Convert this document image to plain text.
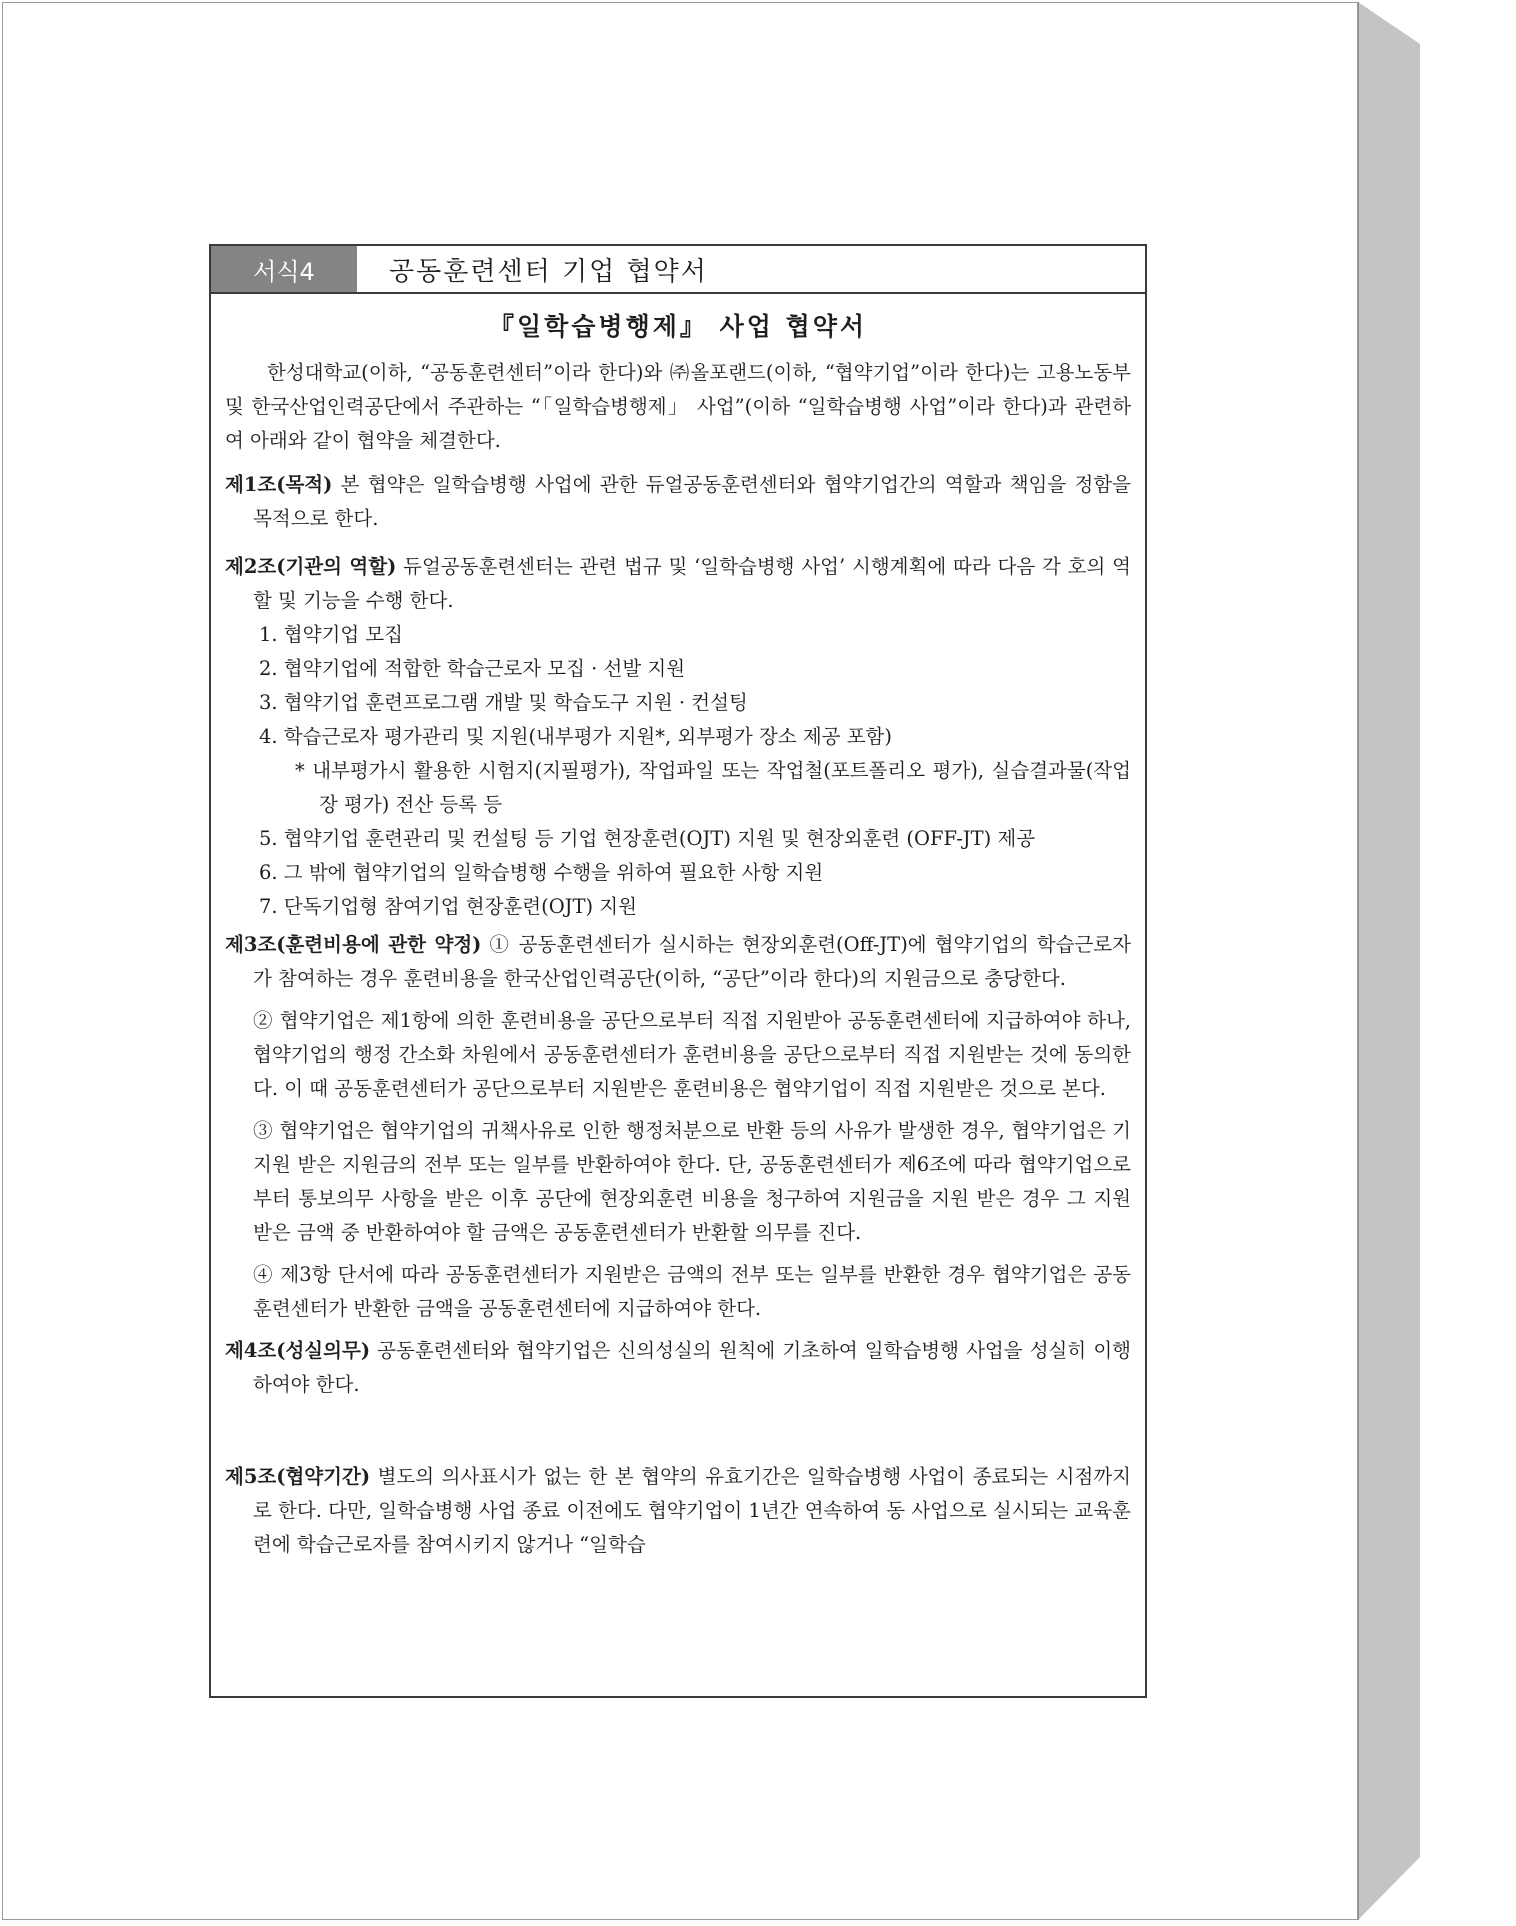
서식4	공동훈련센터 기업 협약서
『일학습병행제』 사업 협약서

한성대학교(이하, “공동훈련센터”이라 한다)와 ㈜올포랜드(이하, “협약기업”이라 한다)는 고용노동부 및 한국산업인력공단에서 주관하는 “「일학습병행제」 사업”(이하 “일학습병행 사업”이라 한다)과 관련하여 아래와 같이 협약을 체결한다.

제1조(목적) 본 협약은 일학습병행 사업에 관한 듀얼공동훈련센터와 협약기업간의 역할과 책임을 정함을 목적으로 한다.

제2조(기관의 역할) 듀얼공동훈련센터는 관련 법규 및 ‘일학습병행 사업’ 시행계획에 따라 다음 각 호의 역할 및 기능을 수행 한다.

1. 협약기업 모집

2. 협약기업에 적합한 학습근로자 모집 · 선발 지원

3. 협약기업 훈련프로그램 개발 및 학습도구 지원 · 컨설팅

4. 학습근로자 평가관리 및 지원(내부평가 지원*, 외부평가 장소 제공 포함)

* 내부평가시 활용한 시험지(지필평가), 작업파일 또는 작업철(포트폴리오 평가), 실습결과물(작업장 평가) 전산 등록 등

5. 협약기업 훈련관리 및 컨설팅 등 기업 현장훈련(OJT) 지원 및 현장외훈련 (OFF-JT) 제공

6. 그 밖에 협약기업의 일학습병행 수행을 위하여 필요한 사항 지원

7. 단독기업형 참여기업 현장훈련(OJT) 지원

제3조(훈련비용에 관한 약정) ① 공동훈련센터가 실시하는 현장외훈련(Off-JT)에 협약기업의 학습근로자가 참여하는 경우 훈련비용을 한국산업인력공단(이하, “공단”이라 한다)의 지원금으로 충당한다.

② 협약기업은 제1항에 의한 훈련비용을 공단으로부터 직접 지원받아 공동훈련센터에 지급하여야 하나, 협약기업의 행정 간소화 차원에서 공동훈련센터가 훈련비용을 공단으로부터 직접 지원받는 것에 동의한다. 이 때 공동훈련센터가 공단으로부터 지원받은 훈련비용은 협약기업이 직접 지원받은 것으로 본다.

③ 협약기업은 협약기업의 귀책사유로 인한 행정처분으로 반환 등의 사유가 발생한 경우, 협약기업은 기지원 받은 지원금의 전부 또는 일부를 반환하여야 한다. 단, 공동훈련센터가 제6조에 따라 협약기업으로부터 통보의무 사항을 받은 이후 공단에 현장외훈련 비용을 청구하여 지원금을 지원 받은 경우 그 지원 받은 금액 중 반환하여야 할 금액은 공동훈련센터가 반환할 의무를 진다.

④ 제3항 단서에 따라 공동훈련센터가 지원받은 금액의 전부 또는 일부를 반환한 경우 협약기업은 공동훈련센터가 반환한 금액을 공동훈련센터에 지급하여야 한다.

제4조(성실의무) 공동훈련센터와 협약기업은 신의성실의 원칙에 기초하여 일학습병행 사업을 성실히 이행하여야 한다.

제5조(협약기간) 별도의 의사표시가 없는 한 본 협약의 유효기간은 일학습병행 사업이 종료되는 시점까지로 한다. 다만, 일학습병행 사업 종료 이전에도 협약기업이 1년간 연속하여 동 사업으로 실시되는 교육훈련에 학습근로자를 참여시키지 않거나 “일학습
